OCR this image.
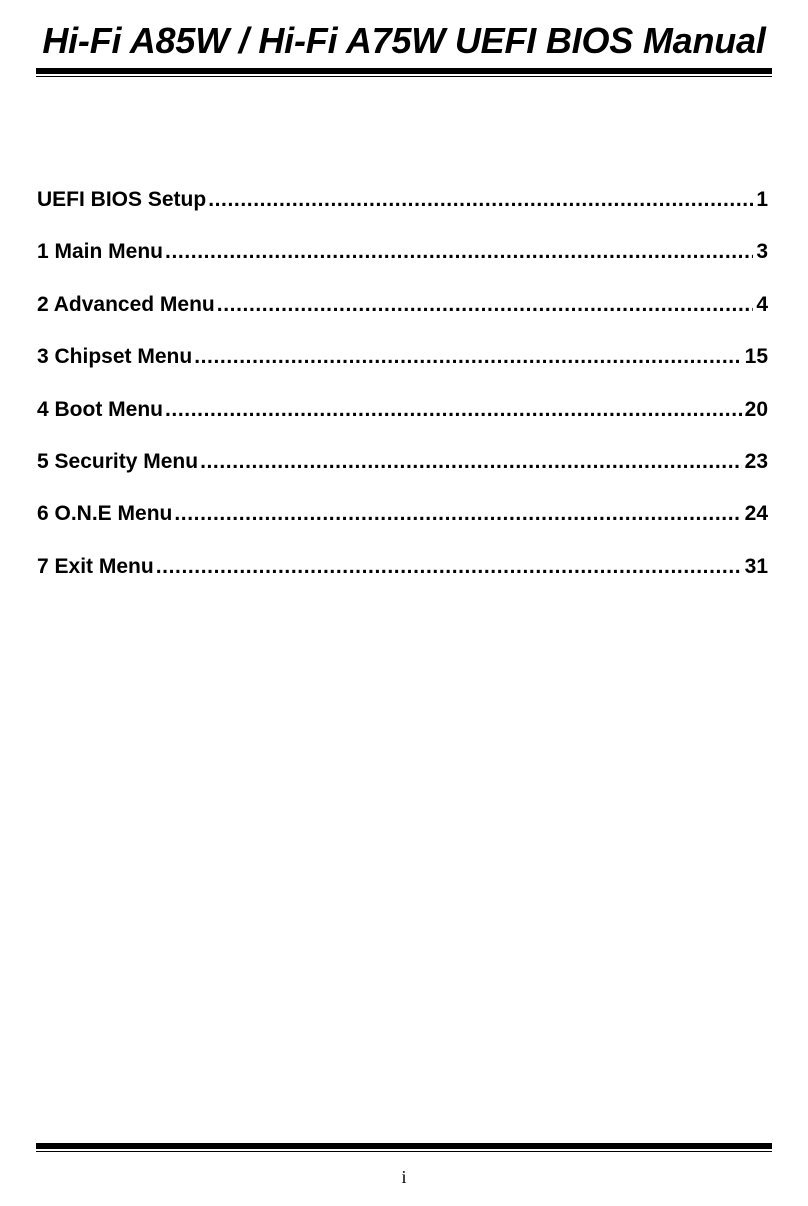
Hi-Fi A85W / Hi-Fi A75W UEFI BIOS Manual
UEFI BIOS Setup .....	1
1 Main Menu .....	3
2 Advanced Menu .....	4
3 Chipset Menu .....	15
4 Boot Menu .....	20
5 Security Menu .....	23
6 O.N.E Menu .....	24
7 Exit Menu .....	31
i
